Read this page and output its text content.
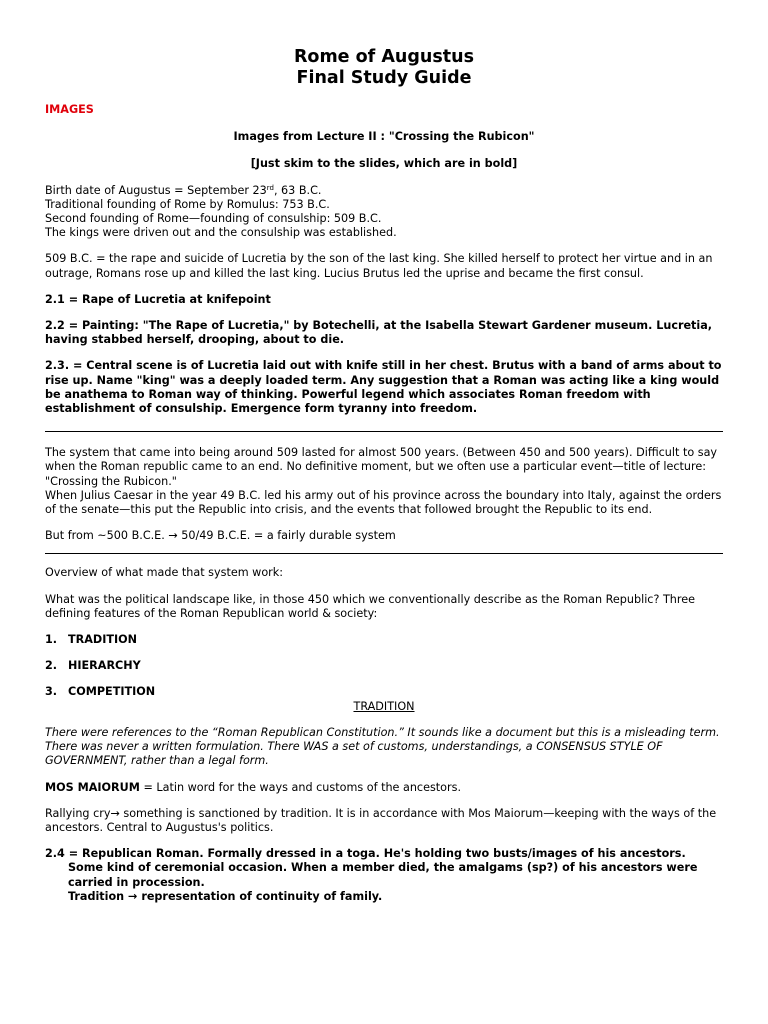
Rome of Augustus
Final Study Guide
IMAGES
Images from Lecture II : "Crossing the Rubicon"
[Just skim to the slides, which are in bold]
Birth date of Augustus = September 23rd, 63 B.C.
Traditional founding of Rome by Romulus: 753 B.C.
Second founding of Rome—founding of consulship: 509 B.C.
The kings were driven out and the consulship was established.
509 B.C. = the rape and suicide of Lucretia by the son of the last king. She killed herself to protect her virtue and in an outrage, Romans rose up and killed the last king. Lucius Brutus led the uprise and became the first consul.
2.1 = Rape of Lucretia at knifepoint
2.2 = Painting: "The Rape of Lucretia," by Botechelli, at the Isabella Stewart Gardener museum. Lucretia, having stabbed herself, drooping, about to die.
2.3. = Central scene is of Lucretia laid out with knife still in her chest. Brutus with a band of arms about to rise up. Name "king" was a deeply loaded term. Any suggestion that a Roman was acting like a king would be anathema to Roman way of thinking. Powerful legend which associates Roman freedom with establishment of consulship. Emergence form tyranny into freedom.
The system that came into being around 509 lasted for almost 500 years. (Between 450 and 500 years). Difficult to say when the Roman republic came to an end. No definitive moment, but we often use a particular event—title of lecture: "Crossing the Rubicon."
When Julius Caesar in the year 49 B.C. led his army out of his province across the boundary into Italy, against the orders of the senate—this put the Republic into crisis, and the events that followed brought the Republic to its end.
But from ~500 B.C.E. → 50/49 B.C.E. = a fairly durable system
Overview of what made that system work:
What was the political landscape like, in those 450 which we conventionally describe as the Roman Republic? Three defining features of the Roman Republican world & society:
1. TRADITION
2. HIERARCHY
3. COMPETITION
TRADITION
There were references to the “Roman Republican Constitution.” It sounds like a document but this is a misleading term. There was never a written formulation. There WAS a set of customs, understandings, a CONSENSUS STYLE OF GOVERNMENT, rather than a legal form.
MOS MAIORUM = Latin word for the ways and customs of the ancestors.
Rallying cry→ something is sanctioned by tradition. It is in accordance with Mos Maiorum—keeping with the ways of the ancestors. Central to Augustus's politics.
2.4 = Republican Roman. Formally dressed in a toga. He's holding two busts/images of his ancestors.
Some kind of ceremonial occasion. When a member died, the amalgams (sp?) of his ancestors were carried in procession.
Tradition → representation of continuity of family.
